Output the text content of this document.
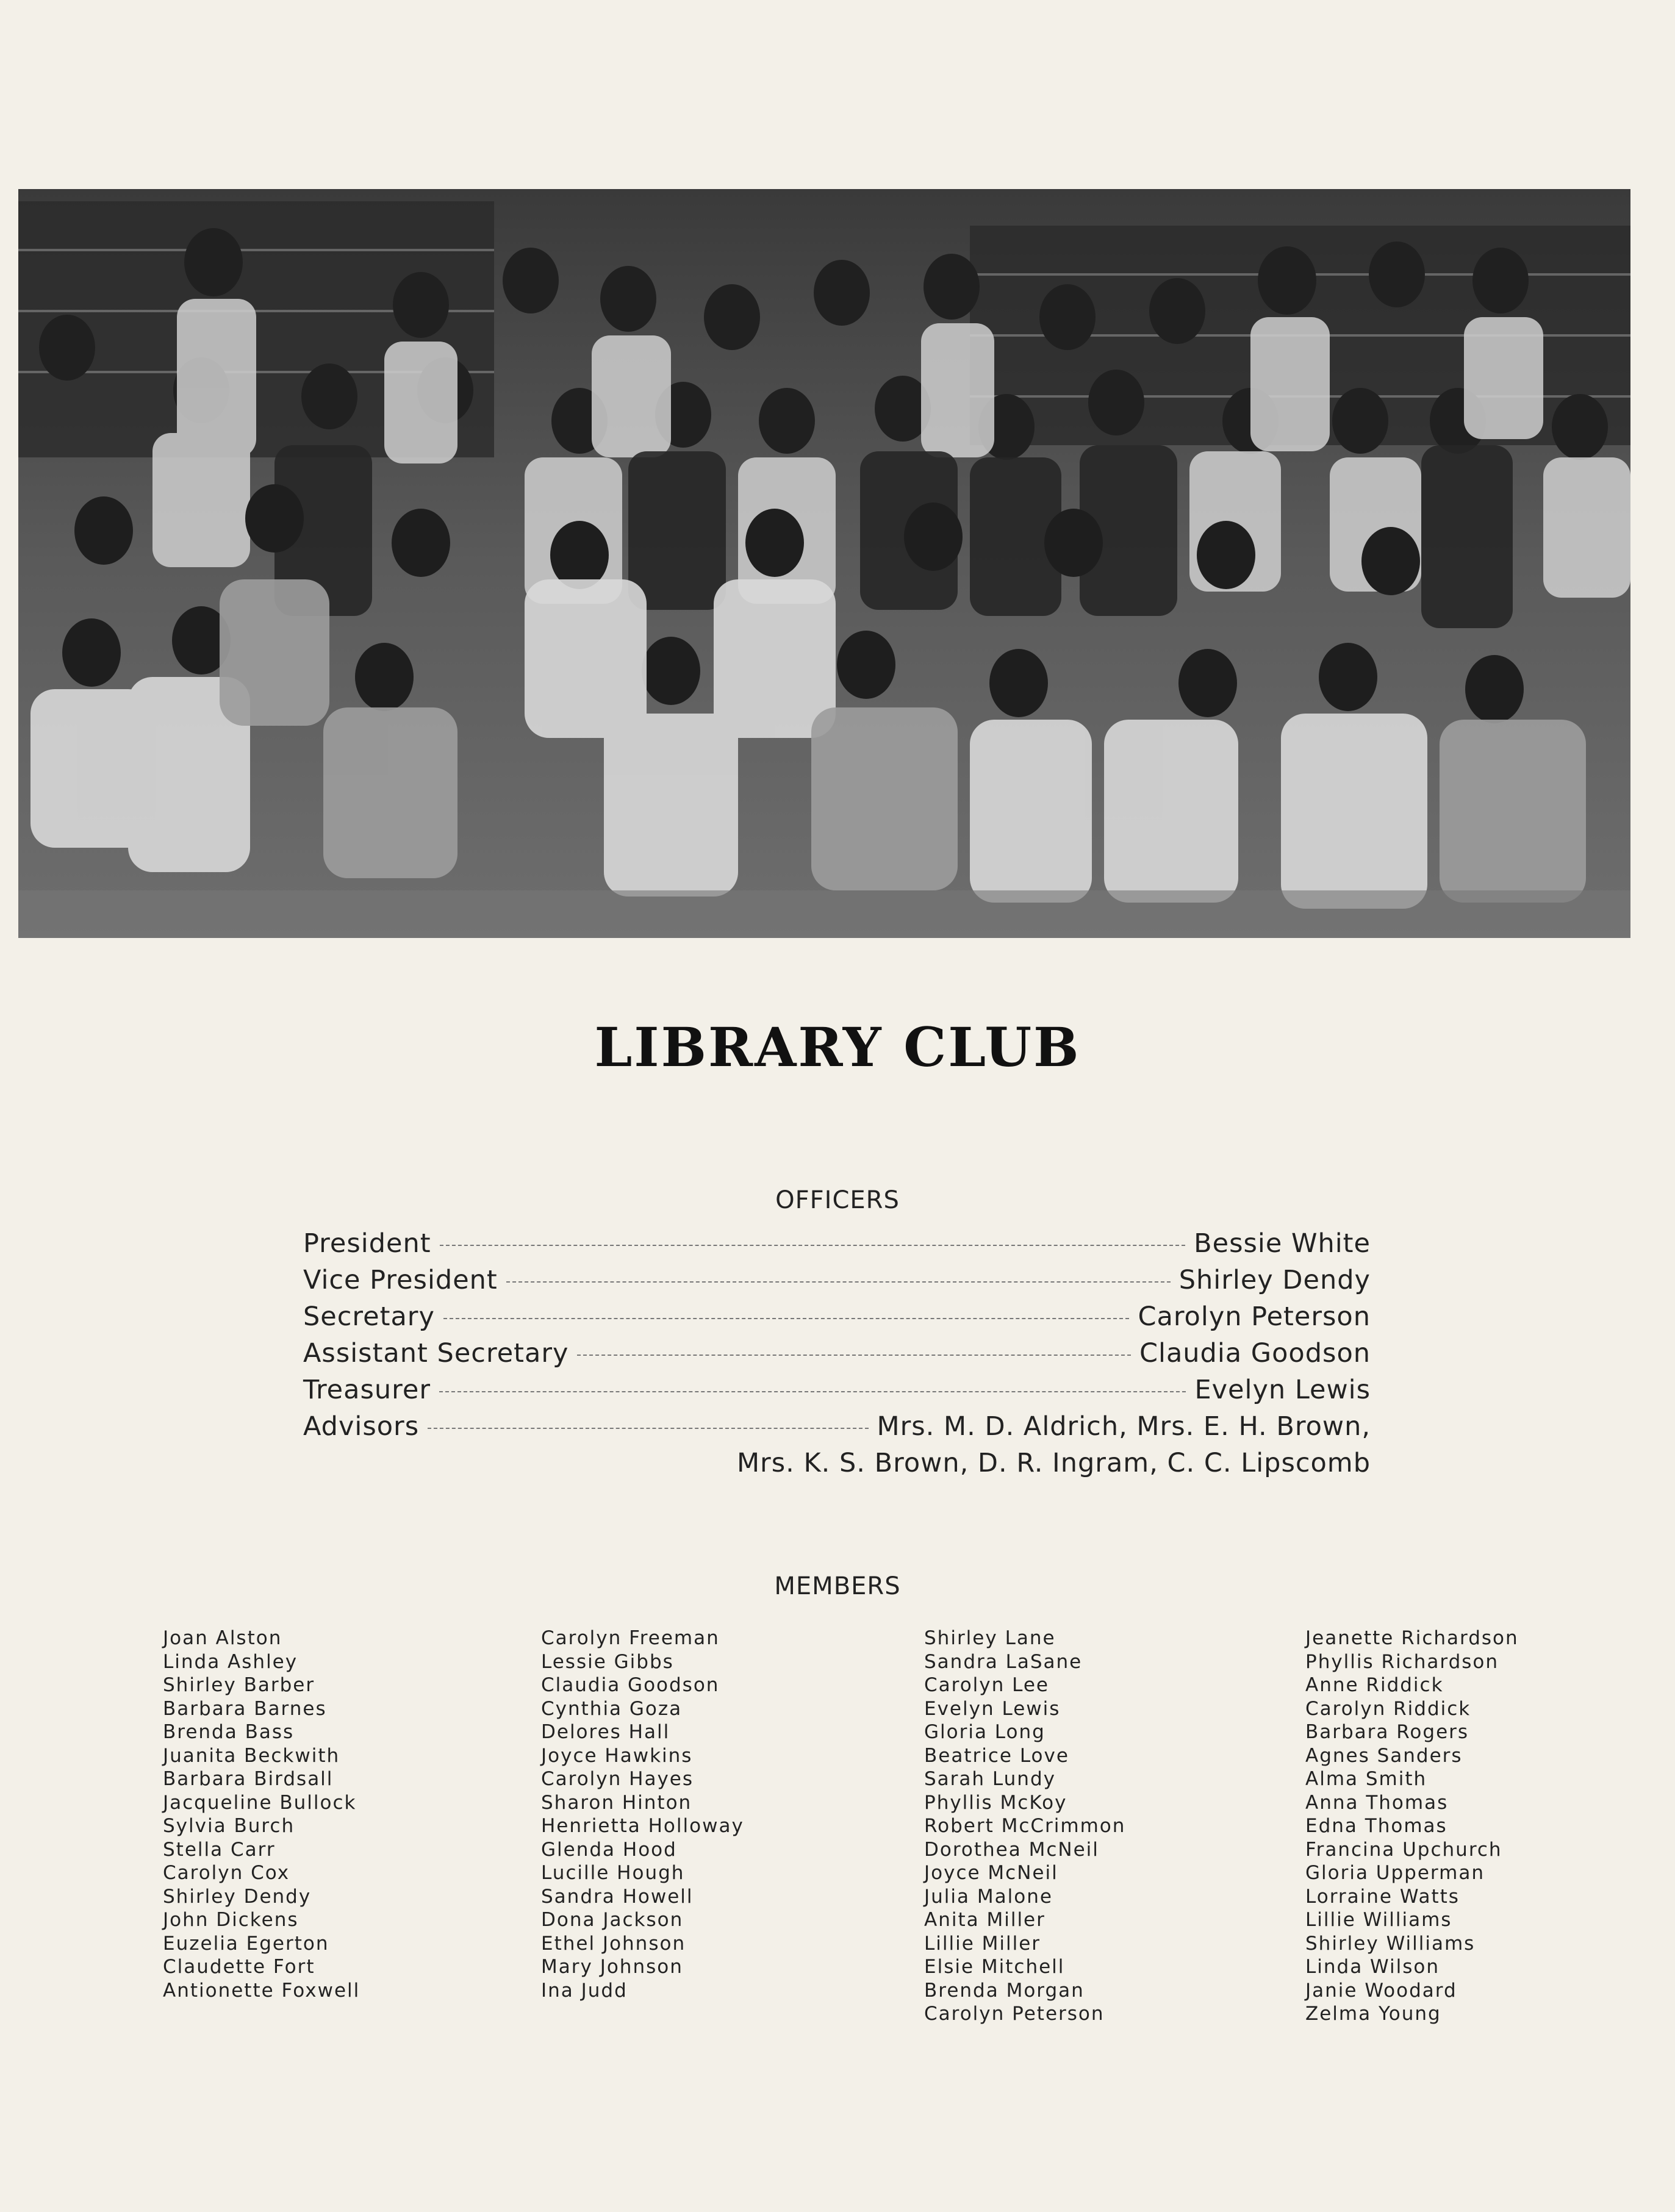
LIBRARY CLUB
OFFICERS
President	Bessie White
Vice President	Shirley Dendy
Secretary	Carolyn Peterson
Assistant Secretary	Claudia Goodson
Treasurer	Evelyn Lewis
Advisors	Mrs. M. D. Aldrich, Mrs. E. H. Brown,
Mrs. K. S. Brown, D. R. Ingram, C. C. Lipscomb
MEMBERS
Joan Alston
Linda Ashley
Shirley Barber
Barbara Barnes
Brenda Bass
Juanita Beckwith
Barbara Birdsall
Jacqueline Bullock
Sylvia Burch
Stella Carr
Carolyn Cox
Shirley Dendy
John Dickens
Euzelia Egerton
Claudette Fort
Antionette Foxwell
Carolyn Freeman
Lessie Gibbs
Claudia Goodson
Cynthia Goza
Delores Hall
Joyce Hawkins
Carolyn Hayes
Sharon Hinton
Henrietta Holloway
Glenda Hood
Lucille Hough
Sandra Howell
Dona Jackson
Ethel Johnson
Mary Johnson
Ina Judd
Shirley Lane
Sandra LaSane
Carolyn Lee
Evelyn Lewis
Gloria Long
Beatrice Love
Sarah Lundy
Phyllis McKoy
Robert McCrimmon
Dorothea McNeil
Joyce McNeil
Julia Malone
Anita Miller
Lillie Miller
Elsie Mitchell
Brenda Morgan
Carolyn Peterson
Jeanette Richardson
Phyllis Richardson
Anne Riddick
Carolyn Riddick
Barbara Rogers
Agnes Sanders
Alma Smith
Anna Thomas
Edna Thomas
Francina Upchurch
Gloria Upperman
Lorraine Watts
Lillie Williams
Shirley Williams
Linda Wilson
Janie Woodard
Zelma Young
